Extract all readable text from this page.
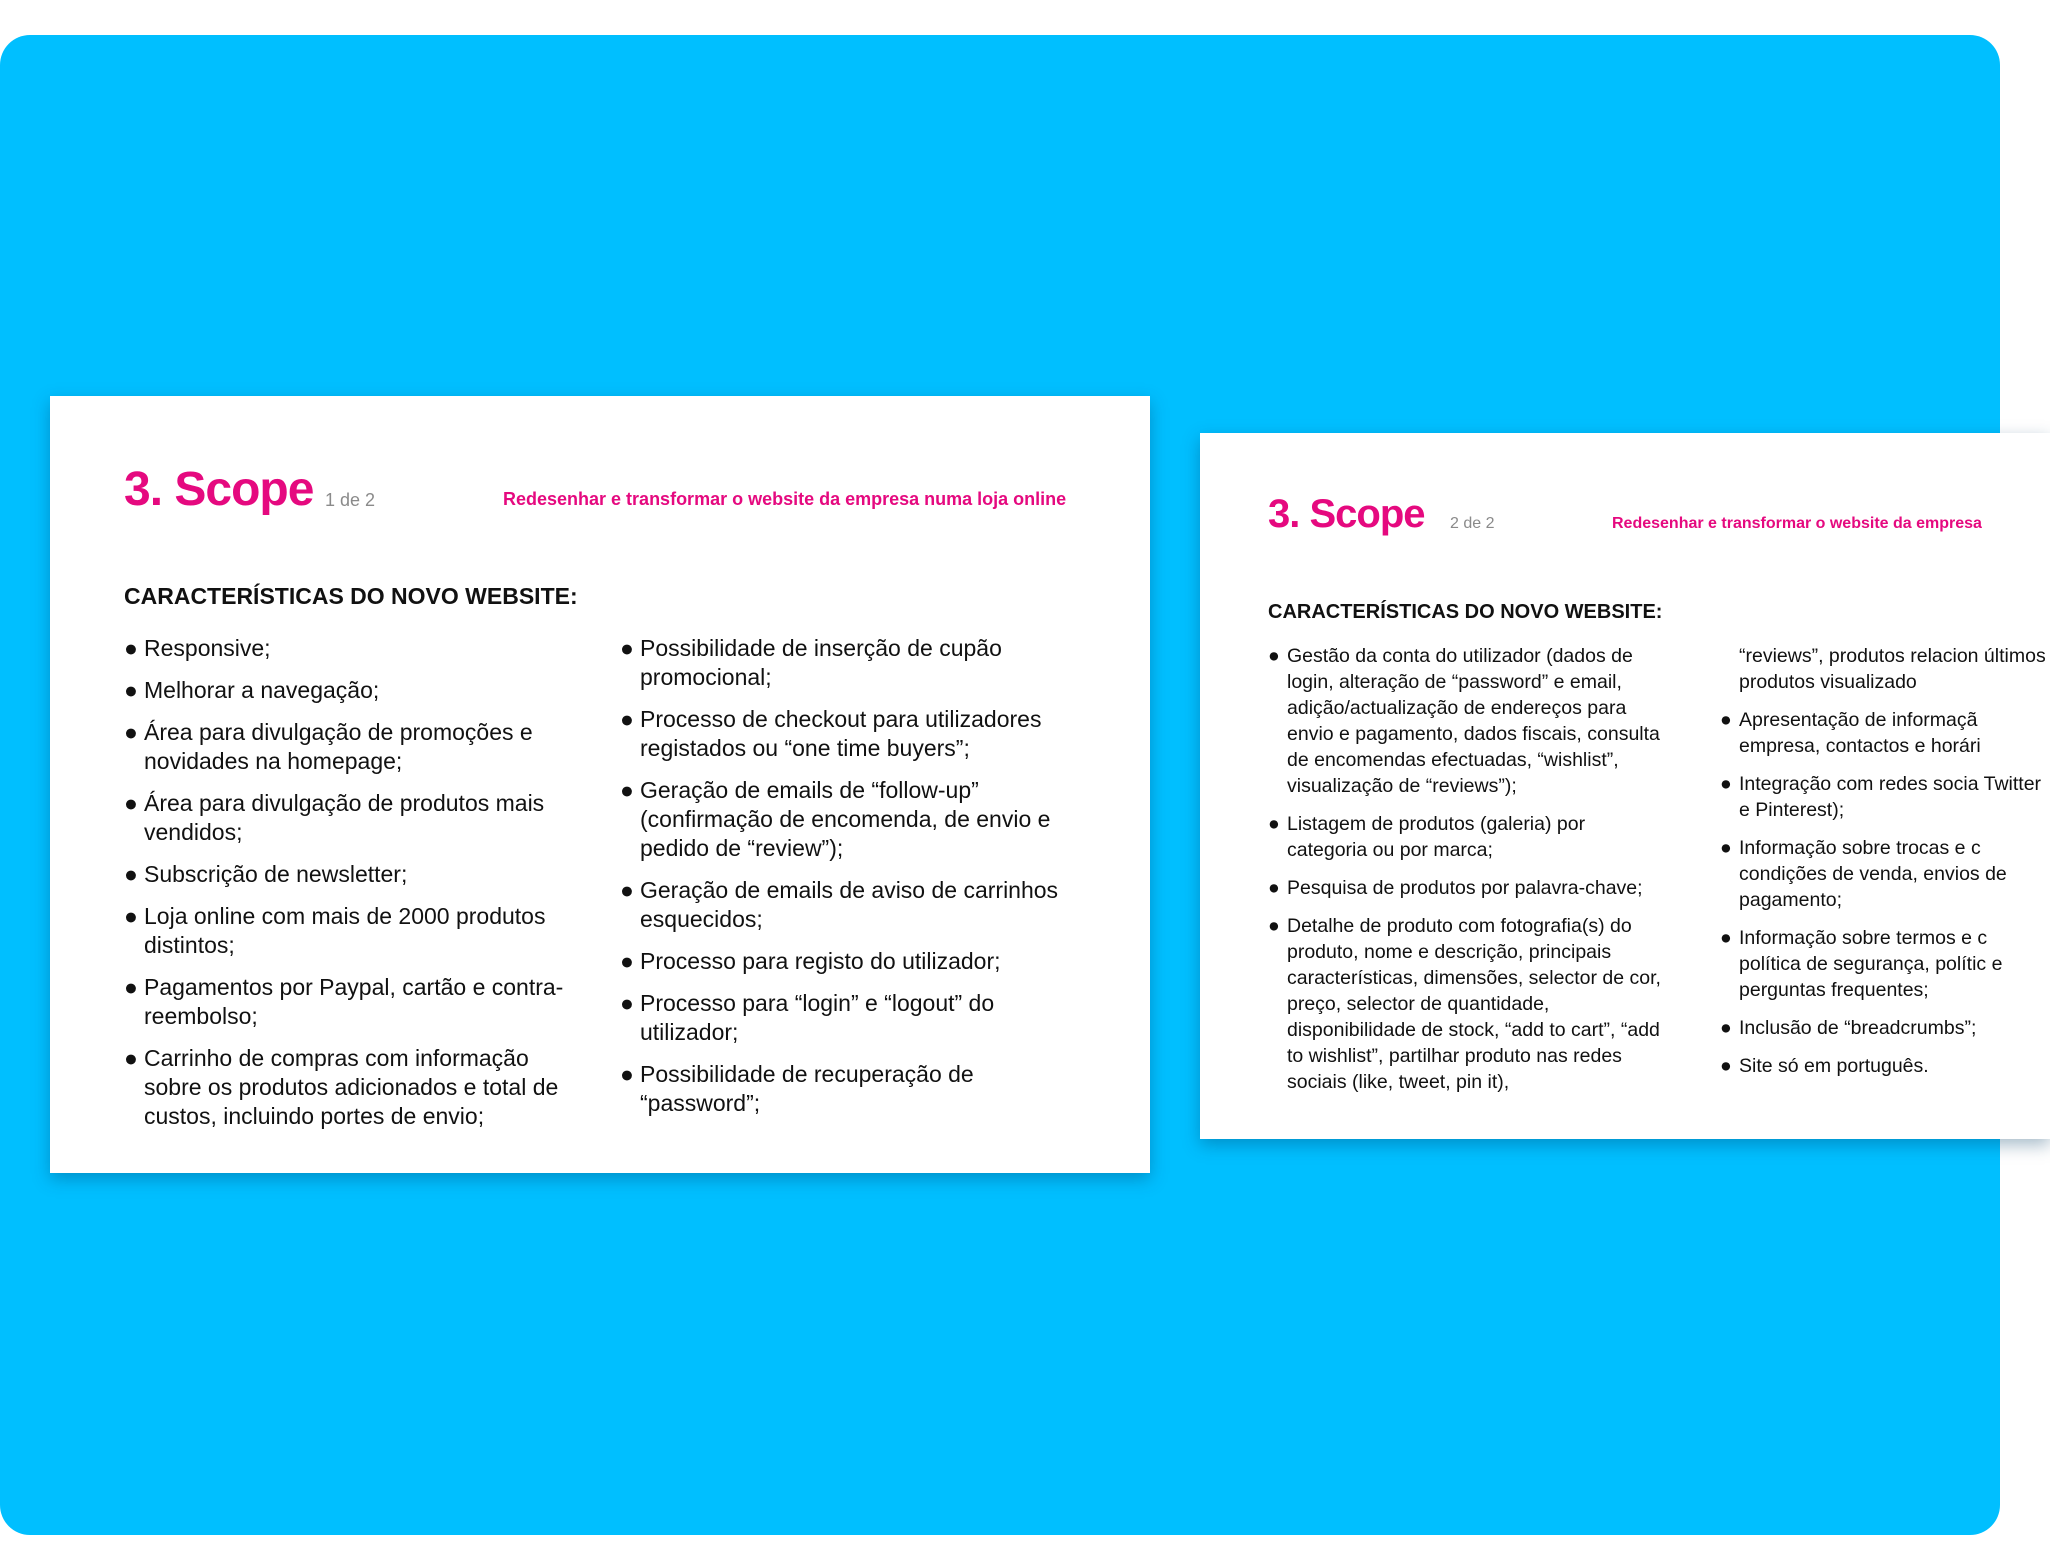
3. Scope 1 de 2	Redesenhar e transformar o website da empresa numa loja online
CARACTERÍSTICAS DO NOVO WEBSITE:
● Responsive;
● Melhorar a navegação;
● Área para divulgação de promoções e novidades na homepage;
● Área para divulgação de produtos mais vendidos;
● Subscrição de newsletter;
● Loja online com mais de 2000 produtos distintos;
● Pagamentos por Paypal, cartão e contra-reembolso;
● Carrinho de compras com informação sobre os produtos adicionados e total de custos, incluindo portes de envio;
● Possibilidade de inserção de cupão promocional;
● Processo de checkout para utilizadores registados ou “one time buyers”;
● Geração de emails de “follow-up” (confirmação de encomenda, de envio e pedido de “review”);
● Geração de emails de aviso de carrinhos esquecidos;
● Processo para registo do utilizador;
● Processo para “login” e “logout” do utilizador;
● Possibilidade de recuperação de “password”;
3. Scope 2 de 2	Redesenhar e transformar o website da empresa
CARACTERÍSTICAS DO NOVO WEBSITE:
● Gestão da conta do utilizador (dados de login, alteração de “password” e email, adição/actualização de endereços para envio e pagamento, dados fiscais, consulta de encomendas efectuadas, “wishlist”, visualização de “reviews”);
● Listagem de produtos (galeria) por categoria ou por marca;
● Pesquisa de produtos por palavra-chave;
● Detalhe de produto com fotografia(s) do produto, nome e descrição, principais características, dimensões, selector de cor, preço, selector de quantidade, disponibilidade de stock, “add to cart”, “add to wishlist”, partilhar produto nas redes sociais (like, tweet, pin it),
“reviews”, produtos relacion últimos produtos visualizado
● Apresentação de informaçã empresa, contactos e horári
● Integração com redes socia Twitter e Pinterest);
● Informação sobre trocas e c condições de venda, envios de pagamento;
● Informação sobre termos e c política de segurança, polític e perguntas frequentes;
● Inclusão de “breadcrumbs”;
● Site só em português.
